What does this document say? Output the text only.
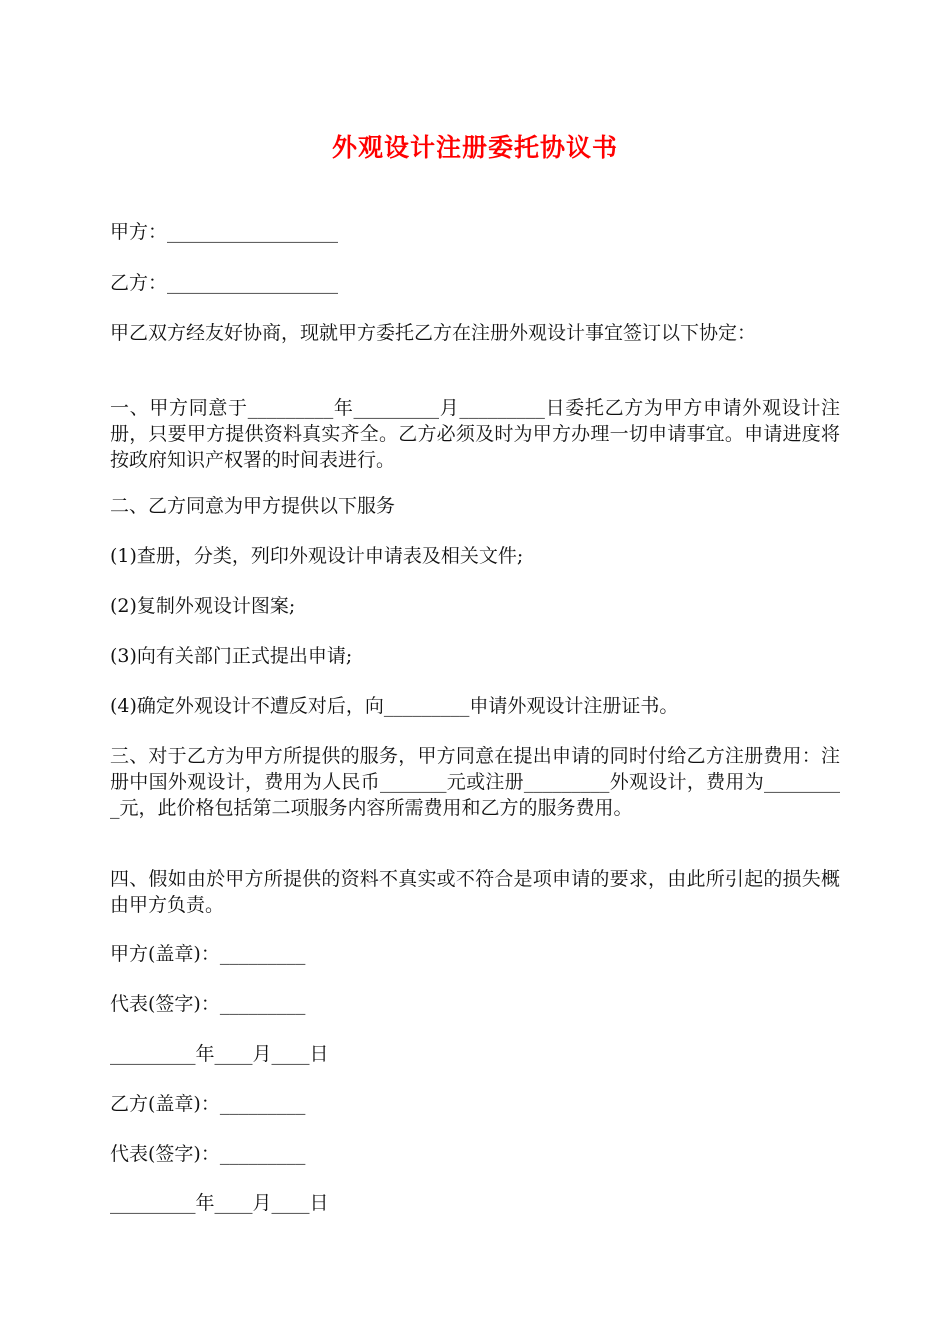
外观设计注册委托协议书
甲方：__________________
乙方：__________________
甲乙双方经友好协商，现就甲方委托乙方在注册外观设计事宜签订以下协定：
一、甲方同意于_________年_________月_________日委托乙方为甲方申请外观设计注册，只要甲方提供资料真实齐全。乙方必须及时为甲方办理一切申请事宜。申请进度将按政府知识产权署的时间表进行。
二、乙方同意为甲方提供以下服务
(1)查册，分类，列印外观设计申请表及相关文件;
(2)复制外观设计图案;
(3)向有关部门正式提出申请;
(4)确定外观设计不遭反对后，向_________申请外观设计注册证书。
三、对于乙方为甲方所提供的服务，甲方同意在提出申请的同时付给乙方注册费用：注册中国外观设计，费用为人民币_______元或注册_________外观设计，费用为_________元，此价格包括第二项服务内容所需费用和乙方的服务费用。
四、假如由於甲方所提供的资料不真实或不符合是项申请的要求，由此所引起的损失概由甲方负责。
甲方(盖章)：_________
代表(签字)：_________
_________年____月____日
乙方(盖章)：_________
代表(签字)：_________
_________年____月____日
